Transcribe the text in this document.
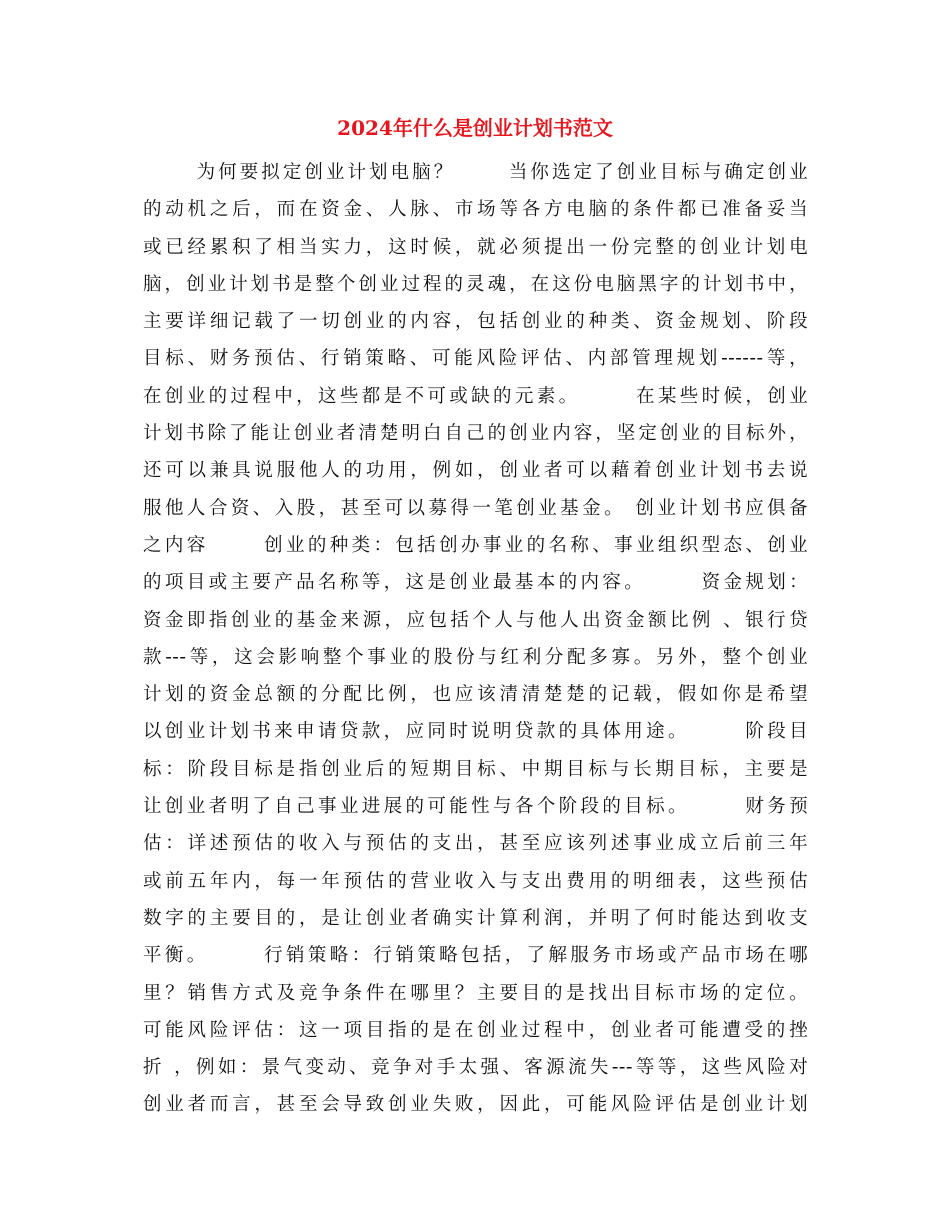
2024年什么是创业计划书范文
为何要拟定创业计划电脑？      当你选定了创业目标与确定创业
的动机之后，而在资金、人脉、市场等各方电脑的条件都已准备妥当
或已经累积了相当实力，这时候，就必须提出一份完整的创业计划电
脑，创业计划书是整个创业过程的灵魂，在这份电脑黑字的计划书中，
主要详细记载了一切创业的内容，包括创业的种类、资金规划、阶段
目标、财务预估、行销策略、可能风险评估、内部管理规划------等，
在创业的过程中，这些都是不可或缺的元素。      在某些时候，创业
计划书除了能让创业者清楚明白自己的创业内容，坚定创业的目标外，
还可以兼具说服他人的功用，例如，创业者可以藉着创业计划书去说
服他人合资、入股，甚至可以募得一笔创业基金。 创业计划书应俱备
之内容      创业的种类：包括创办事业的名称、事业组织型态、创业
的项目或主要产品名称等，这是创业最基本的内容。      资金规划：
资金即指创业的基金来源，应包括个人与他人出资金额比例 、银行贷
款---等，这会影响整个事业的股份与红利分配多寡。另外，整个创业
计划的资金总额的分配比例，也应该清清楚楚的记载，假如你是希望
以创业计划书来申请贷款，应同时说明贷款的具体用途。      阶段目
标：阶段目标是指创业后的短期目标、中期目标与长期目标，主要是
让创业者明了自己事业进展的可能性与各个阶段的目标。      财务预
估：详述预估的收入与预估的支出，甚至应该列述事业成立后前三年
或前五年内，每一年预估的营业收入与支出费用的明细表，这些预估
数字的主要目的，是让创业者确实计算利润，并明了何时能达到收支
平衡。      行销策略：行销策略包括，了解服务市场或产品市场在哪
里？销售方式及竞争条件在哪里？主要目的是找出目标市场的定位。
可能风险评估：这一项目指的是在创业过程中，创业者可能遭受的挫
折 ，例如：景气变动、竞争对手太强、客源流失---等等，这些风险对
创业者而言，甚至会导致创业失败，因此，可能风险评估是创业计划
